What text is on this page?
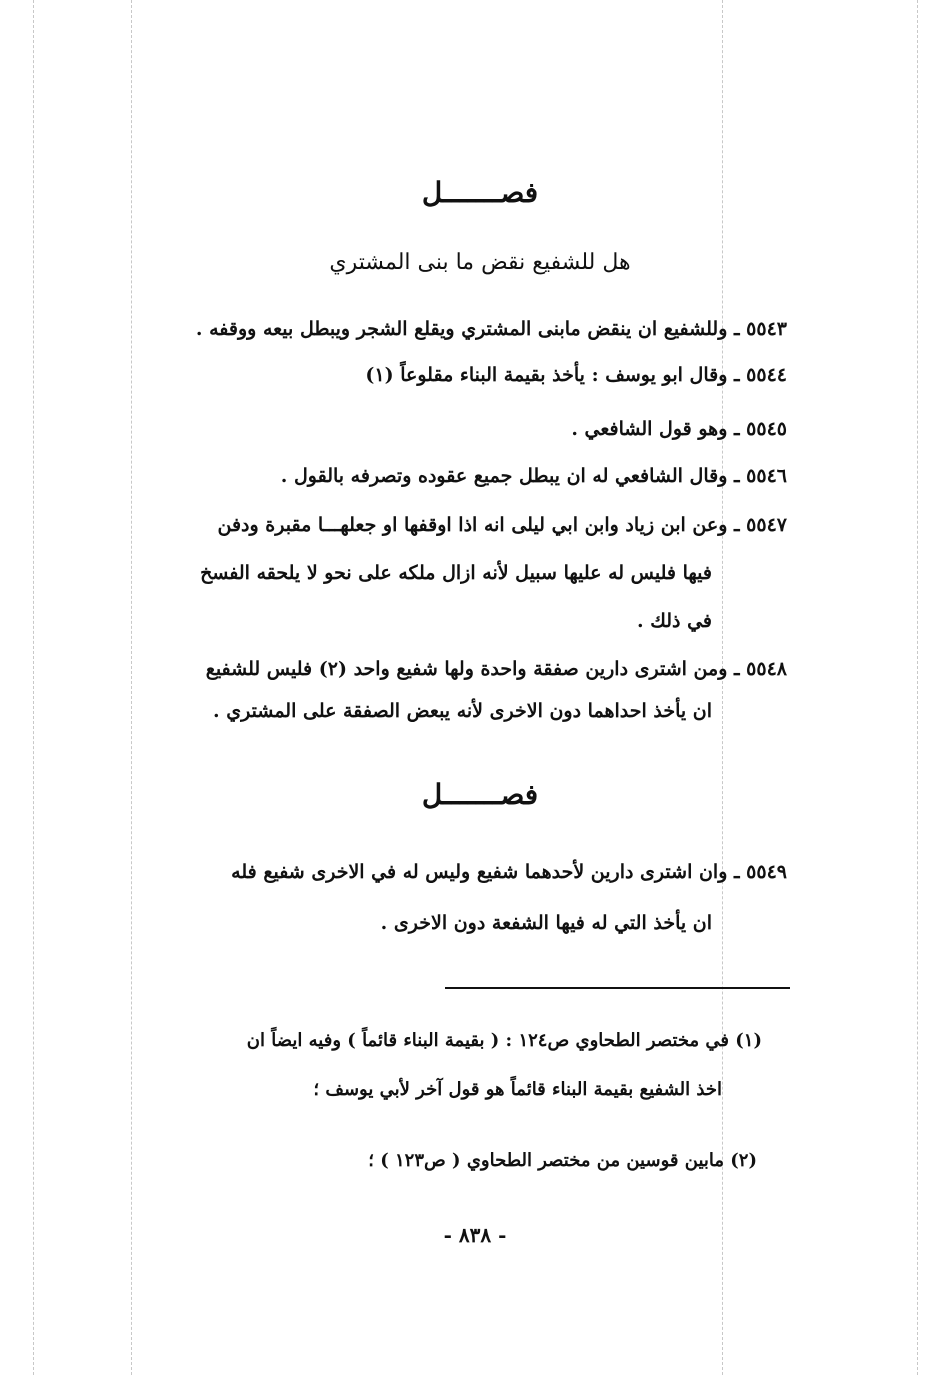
فصـــــــل
هل للشفيع نقض ما بنى المشتري
٥٥٤٣ ـ وللشفيع ان ينقض مابنى المشتري ويقلع الشجر ويبطل بيعه ووقفه .
٥٥٤٤ ـ وقال ابو يوسف : يأخذ بقيمة البناء مقلوعاً (١)
٥٥٤٥ ـ وهو قول الشافعي .
٥٥٤٦ ـ وقال الشافعي له ان يبطل جميع عقوده وتصرفه بالقول .
٥٥٤٧ ـ وعن ابن زياد وابن ابي ليلى انه اذا اوقفها او جعلهـــا مقبرة ودفن
فيها فليس له عليها سبيل لأنه ازال ملكه على نحو لا يلحقه الفسخ
في ذلك .
٥٥٤٨ ـ ومن اشترى دارين صفقة واحدة ولها شفيع واحد (٢) فليس للشفيع
ان يأخذ احداهما دون الاخرى لأنه يبعض الصفقة على المشتري .
فصـــــــل
٥٥٤٩ ـ وان اشترى دارين لأحدهما شفيع وليس له في الاخرى شفيع فله
ان يأخذ التي له فيها الشفعة دون الاخرى .
(١) في مختصر الطحاوي ص١٢٤ : ( بقيمة البناء قائماً ) وفيه ايضاً ان
اخذ الشفيع بقيمة البناء قائماً هو قول آخر لأبي يوسف ؛
(٢) مابين قوسين من مختصر الطحاوي ( ص١٢٣ ) ؛
- ٨٣٨ -
